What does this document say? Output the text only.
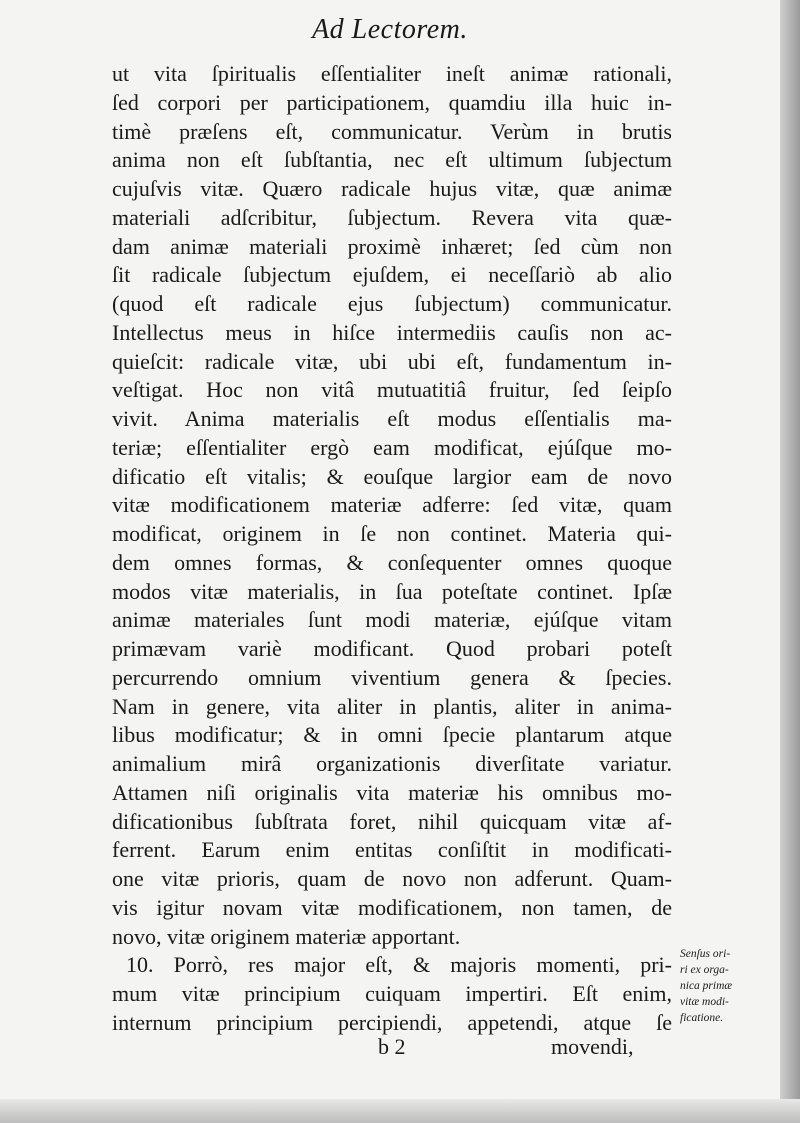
Ad Lectorem.
ut vita ſpiritualis eſſentialiter ineſt animæ rationali,
ſed corpori per participationem, quamdiu illa huic in-
timè præſens eſt, communicatur. Verùm in brutis
anima non eſt ſubſtantia, nec eſt ultimum ſubjectum
cujuſvis vitæ. Quæro radicale hujus vitæ, quæ animæ
materiali adſcribitur, ſubjectum. Revera vita quæ-
dam animæ materiali proximè inhæret; ſed cùm non
ſit radicale ſubjectum ejuſdem, ei neceſſariò ab alio
(quod eſt radicale ejus ſubjectum) communicatur.
Intellectus meus in hiſce intermediis cauſis non ac-
quieſcit: radicale vitæ, ubi ubi eſt, fundamentum in-
veſtigat. Hoc non vitâ mutuatitiâ fruitur, ſed ſeipſo
vivit. Anima materialis eſt modus eſſentialis ma-
teriæ; eſſentialiter ergò eam modificat, ejúſque mo-
dificatio eſt vitalis; & eouſque largior eam de novo
vitæ modificationem materiæ adferre: ſed vitæ, quam
modificat, originem in ſe non continet. Materia qui-
dem omnes formas, & conſequenter omnes quoque
modos vitæ materialis, in ſua poteſtate continet. Ipſæ
animæ materiales ſunt modi materiæ, ejúſque vitam
primævam variè modificant. Quod probari poteſt
percurrendo omnium viventium genera & ſpecies.
Nam in genere, vita aliter in plantis, aliter in anima-
libus modificatur; & in omni ſpecie plantarum atque
animalium mirâ organizationis diverſitate variatur.
Attamen niſi originalis vita materiæ his omnibus mo-
dificationibus ſubſtrata foret, nihil quicquam vitæ af-
ferrent. Earum enim entitas conſiſtit in modificati-
one vitæ prioris, quam de novo non adferunt. Quam-
vis igitur novam vitæ modificationem, non tamen, de
novo, vitæ originem materiæ apportant.
10. Porrò, res major eſt, & majoris momenti, pri-
mum vitæ principium cuiquam impertiri. Eſt enim,
internum principium percipiendi, appetendi, atque ſe
Senſus ori-
ri ex orga-
nica primæ
vitæ modi-
ficatione.
b 2	movendi,
